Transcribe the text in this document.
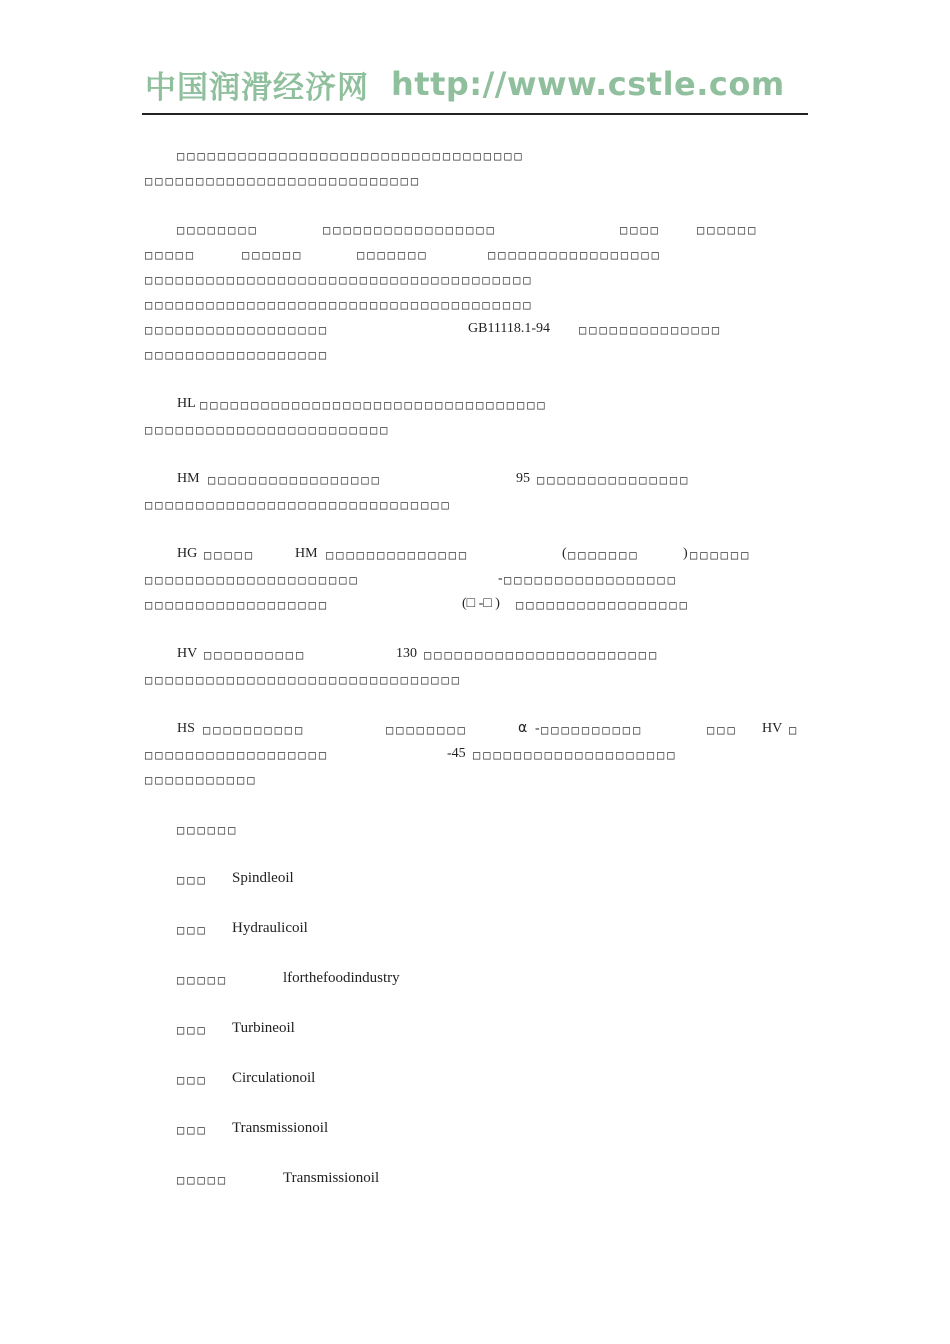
中国润滑经济网 http://www.cstle.com
□□□□□□□□□□□□□□□□□□□□□□□□□□□□□□□□□□
□□□□□□□□□□□□□□□□□□□□□□□□□□□
□□□□□□□□	□□□□□□□□□□□□□□□□□	□□□□	□□□□□□
□□□□□	□□□□□□	□□□□□□□	□□□□□□□□□□□□□□□□□
□□□□□□□□□□□□□□□□□□□□□□□□□□□□□□□□□□□□□□
□□□□□□□□□□□□□□□□□□□□□□□□□□□□□□□□□□□□□□
□□□□□□□□□□□□□□□□□□	GB11118.1-94 □□□□□□□□□□□□□□
□□□□□□□□□□□□□□□□□□
HL □□□□□□□□□□□□□□□□□□□□□□□□□□□□□□□□□□
□□□□□□□□□□□□□□□□□□□□□□□□
HM □□□□□□□□□□□□□□□□□	95 □□□□□□□□□□□□□□□
□□□□□□□□□□□□□□□□□□□□□□□□□□□□□□
HG □□□□□	HM □□□□□□□□□□□□□□	( □□□□□□□	) □□□□□□
□□□□□□□□□□□□□□□□□□□□□	- □□□□□□□□□□□□□□□□□
□□□□□□□□□□□□□□□□□□	(□ -□ ) □□□□□□□□□□□□□□□□□
HV □□□□□□□□□□	130 □□□□□□□□□□□□□□□□□□□□□□□
□□□□□□□□□□□□□□□□□□□□□□□□□□□□□□□
HS □□□□□□□□□□	□□□□□□□□	α - □□□□□□□□□□	□□□ HV □
□□□□□□□□□□□□□□□□□□	-45 □□□□□□□□□□□□□□□□□□□□
□□□□□□□□□□□
□□□□□□
□□□ Spindleoil
□□□ Hydraulicoil
□□□□□	lforthefoodindustry
□□□ Turbineoil
□□□ Circulationoil
□□□ Transmissionoil
□□□□□	Transmissionoil
